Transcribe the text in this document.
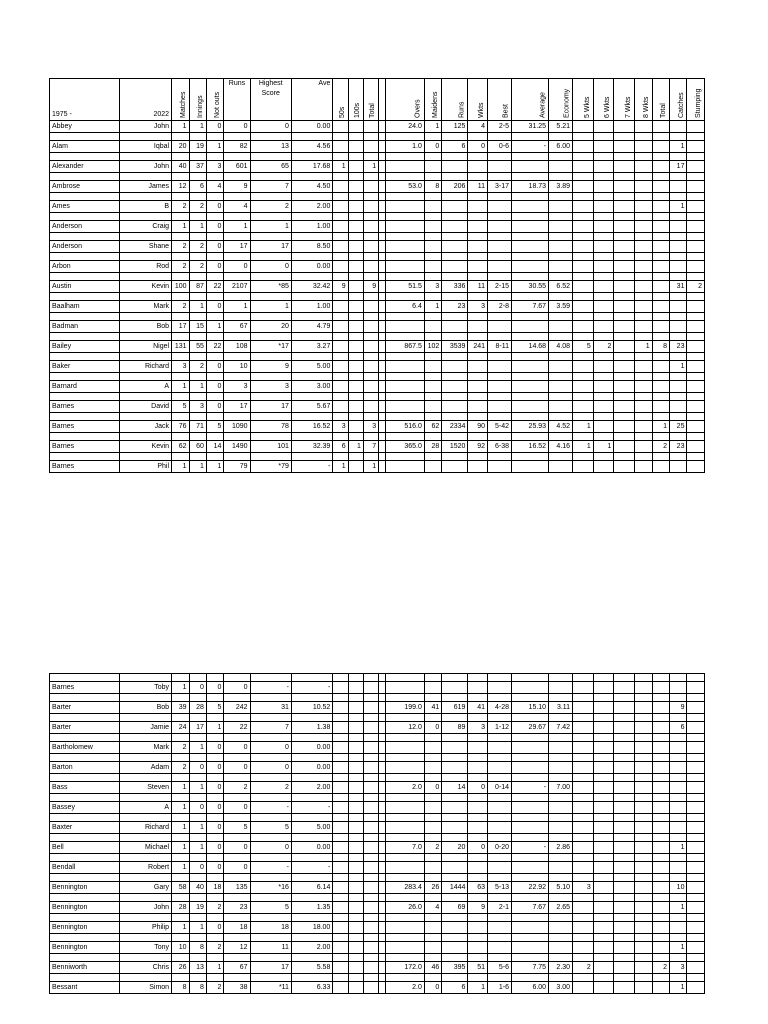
1975 -	2022	Matches	Innings	Not outs	Runs	Highest Score	Ave	50s	100s	Total		Overs	Maidens	Runs	Wkts	Best	Average	Economy	5 Wkts	6 Wkts	7 Wkts	8 Wkts	Total	Catches	Stumping
Abbey	John	1	1	0	0	0	0.00					24.0	1	125	4	2-5	31.25	5.21							

Alam	Iqbal	20	19	1	82	13	4.56					1.0	0	6	0	0-6	-	6.00						1	

Alexander	John	40	37	3	601	65	17.68	1		1														17	

Ambrose	James	12	6	4	9	7	4.50					53.0	8	206	11	3-17	18.73	3.89							

Ames	B	2	2	0	4	2	2.00																	1	

Anderson	Craig	1	1	0	1	1	1.00																		

Anderson	Shane	2	2	0	17	17	8.50																		

Arbon	Rod	2	2	0	0	0	0.00																		

Austin	Kevin	100	87	22	2107	*85	32.42	9		9		51.5	3	336	11	2-15	30.55	6.52						31	2

Baalham	Mark	2	1	0	1	1	1.00					6.4	1	23	3	2-8	7.67	3.59							

Badman	Bob	17	15	1	67	20	4.79																		

Bailey	Nigel	131	55	22	108	*17	3.27					867.5	102	3539	241	8-11	14.68	4.08	5	2		1	8	23	

Baker	Richard	3	2	0	10	9	5.00																	1	

Barnard	A	1	1	0	3	3	3.00																		

Barnes	David	5	3	0	17	17	5.67																		

Barnes	Jack	76	71	5	1090	78	16.52	3		3		516.0	62	2334	90	5-42	25.93	4.52	1				1	25	

Barnes	Kevin	62	60	14	1490	101	32.39	6	1	7		365.0	28	1520	92	6-38	16.52	4.16	1	1			2	23	

Barnes	Phil	1	1	1	79	*79	-	1		1															

Barnes	Toby	1	0	0	0	-	-																		

Barter	Bob	39	28	5	242	31	10.52					199.0	41	619	41	4-28	15.10	3.11						9	

Barter	Jamie	24	17	1	22	7	1.38					12.0	0	89	3	1-12	29.67	7.42						6	

Bartholomew	Mark	2	1	0	0	0	0.00																		

Barton	Adam	2	0	0	0	0	0.00																		

Bass	Steven	1	1	0	2	2	2.00					2.0	0	14	0	0-14	-	7.00							

Bassey	A	1	0	0	0	-	-																		

Baxter	Richard	1	1	0	5	5	5.00																		

Bell	Michael	1	1	0	0	0	0.00					7.0	2	20	0	0-20	-	2.86						1	

Bendall	Robert	1	0	0	0	-	-																		

Bennington	Gary	58	40	18	135	*16	6.14					283.4	26	1444	63	5-13	22.92	5.10	3					10	

Bennington	John	28	19	2	23	5	1.35					26.0	4	69	9	2-1	7.67	2.65						1	

Bennington	Philip	1	1	0	18	18	18.00																		

Bennington	Tony	10	8	2	12	11	2.00																	1	

Benniworth	Chris	26	13	1	67	17	5.58					172.0	46	395	51	5-6	7.75	2.30	2				2	3	

Bessant	Simon	8	8	2	38	*11	6.33					2.0	0	6	1	1-6	6.00	3.00						1	
